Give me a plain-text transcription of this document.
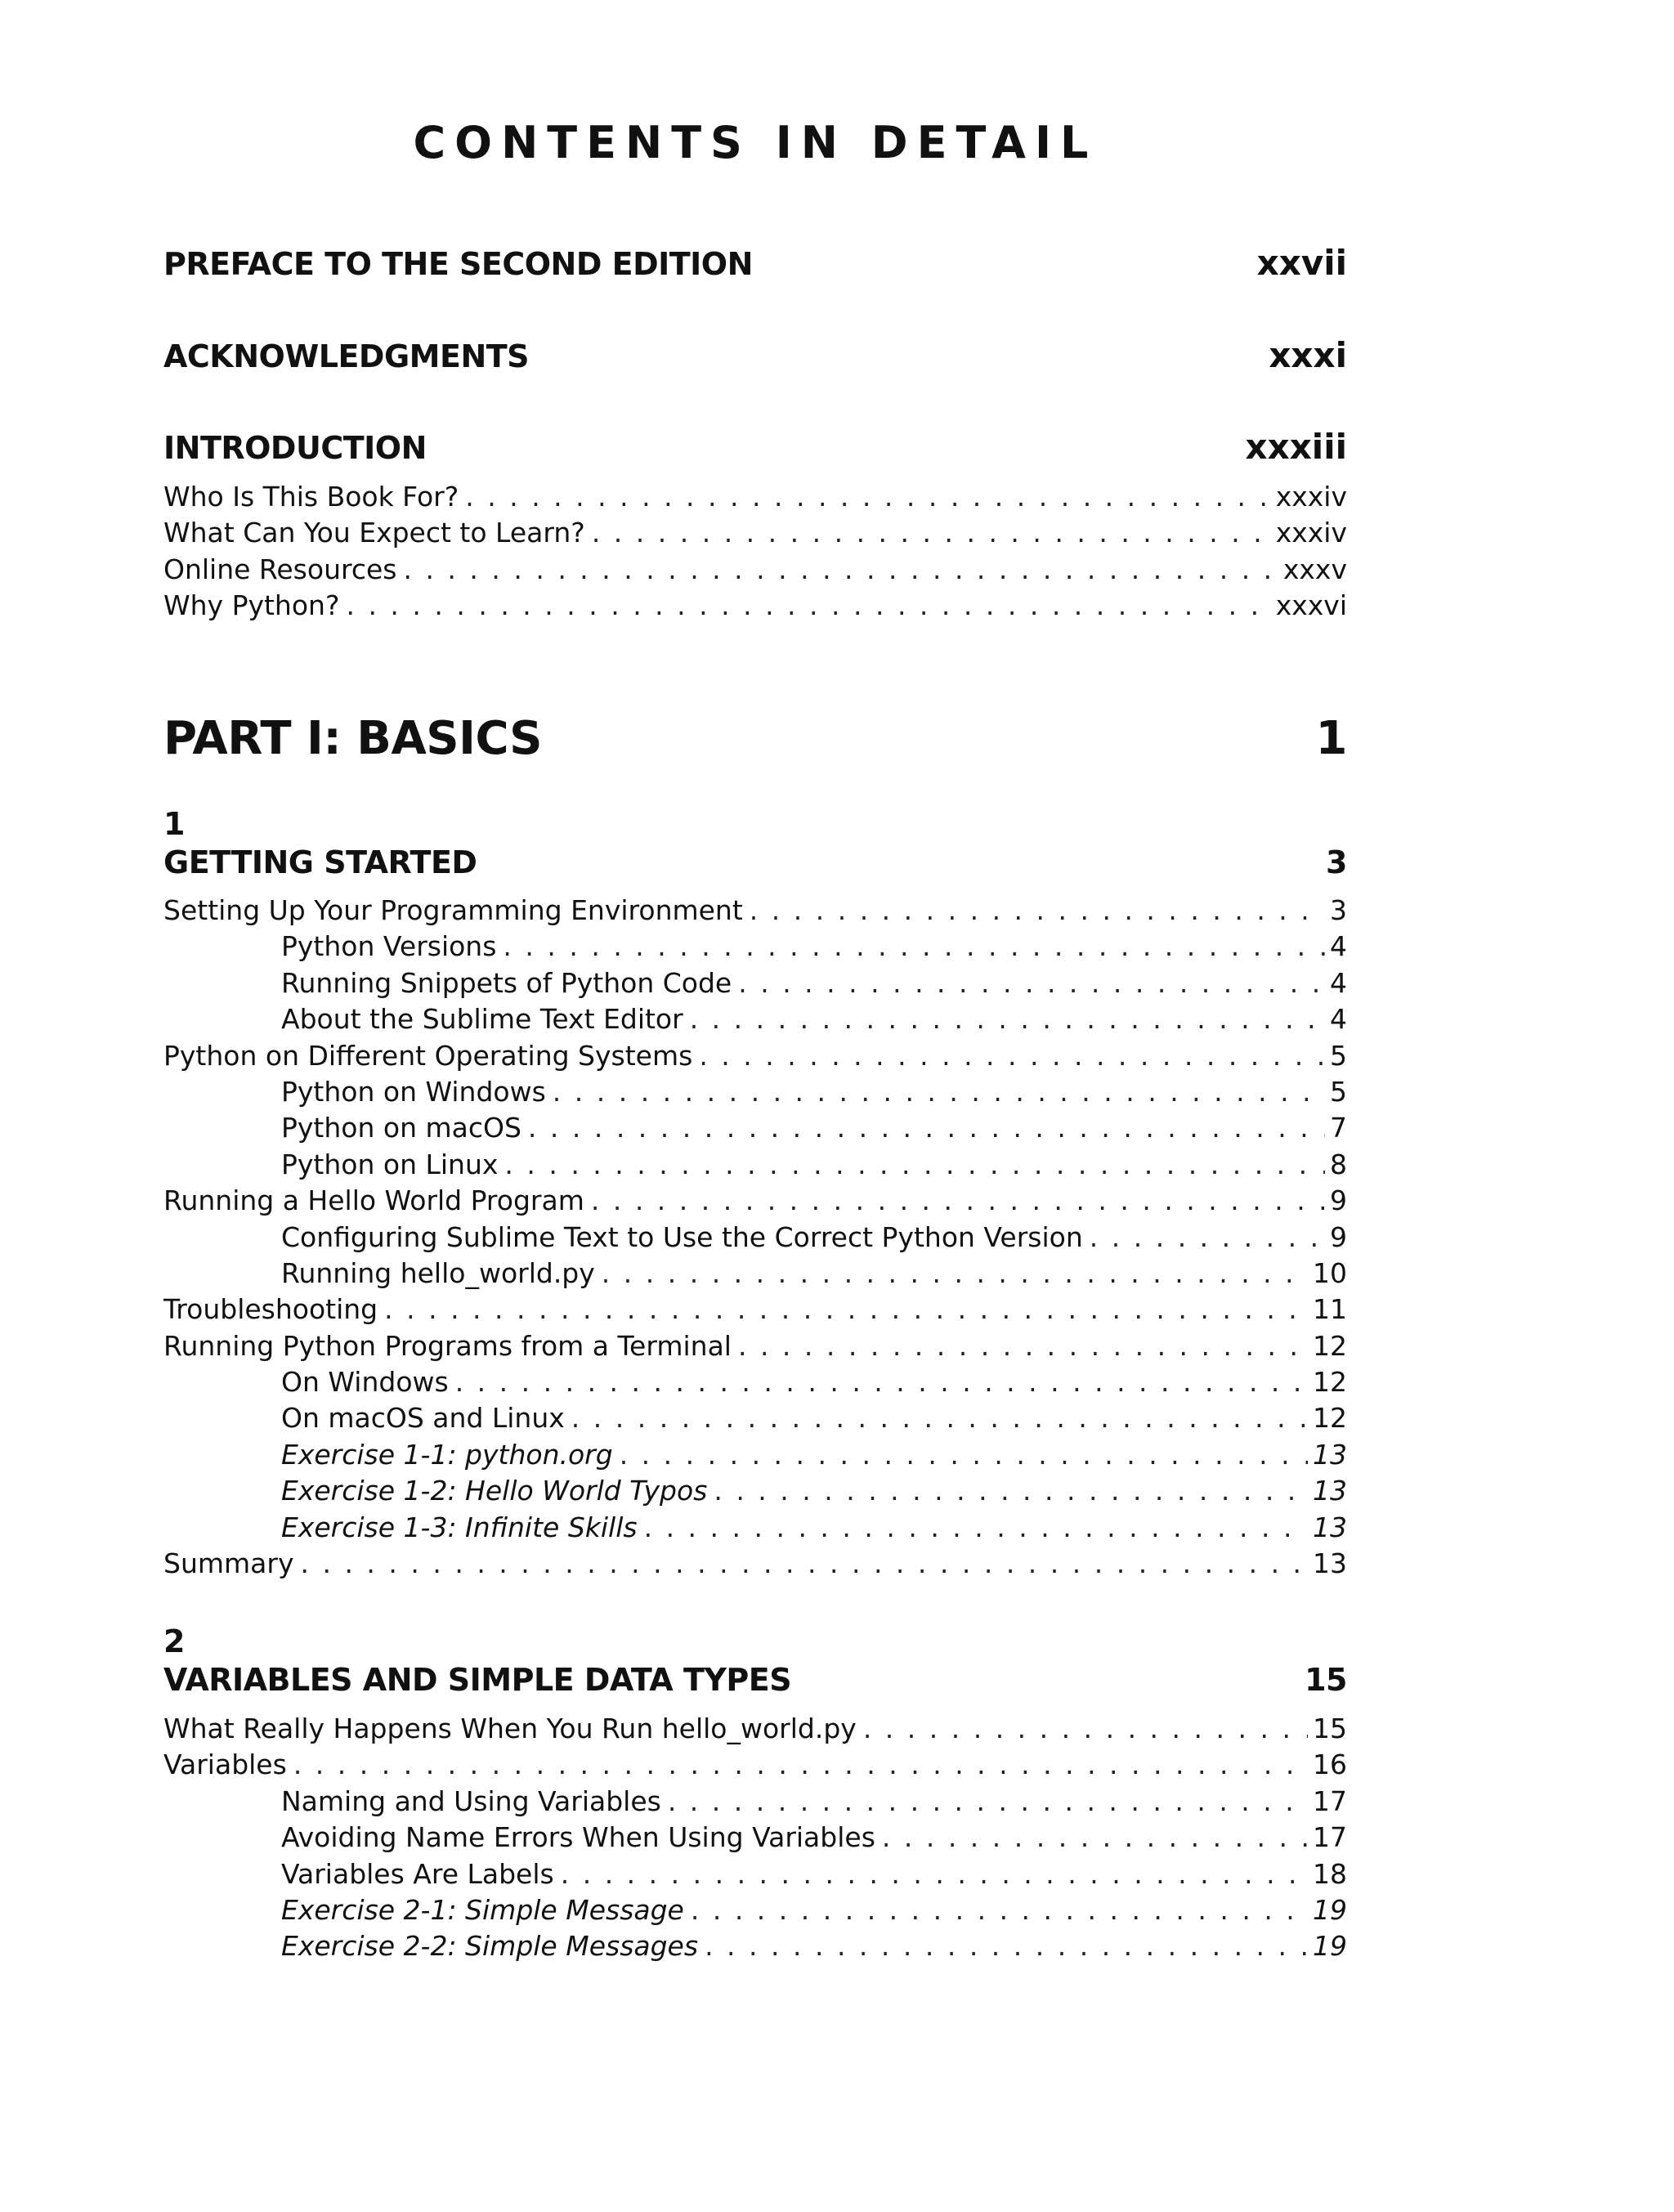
CONTENTS IN DETAIL
PREFACE TO THE SECOND EDITION	xxvii
ACKNOWLEDGMENTS	xxxi
INTRODUCTION	xxxiii
Who Is This Book For? . . .	xxxiv
What Can You Expect to Learn? . . .	xxxiv
Online Resources . . .	xxxv
Why Python? . . .	xxxvi
PART I: BASICS	1
1
GETTING STARTED	3
Setting Up Your Programming Environment . . .	3
Python Versions . . .	4
Running Snippets of Python Code . . .	4
About the Sublime Text Editor . . .	4
Python on Different Operating Systems . . .	5
Python on Windows . . .	5
Python on macOS . . .	7
Python on Linux . . .	8
Running a Hello World Program . . .	9
Configuring Sublime Text to Use the Correct Python Version . . .	9
Running hello_world.py . . .	10
Troubleshooting . . .	11
Running Python Programs from a Terminal . . .	12
On Windows . . .	12
On macOS and Linux . . .	12
Exercise 1-1: python.org . . .	13
Exercise 1-2: Hello World Typos . . .	13
Exercise 1-3: Infinite Skills . . .	13
Summary . . .	13
2
VARIABLES AND SIMPLE DATA TYPES	15
What Really Happens When You Run hello_world.py . . .	15
Variables . . .	16
Naming and Using Variables . . .	17
Avoiding Name Errors When Using Variables . . .	17
Variables Are Labels . . .	18
Exercise 2-1: Simple Message . . .	19
Exercise 2-2: Simple Messages . . .	19
